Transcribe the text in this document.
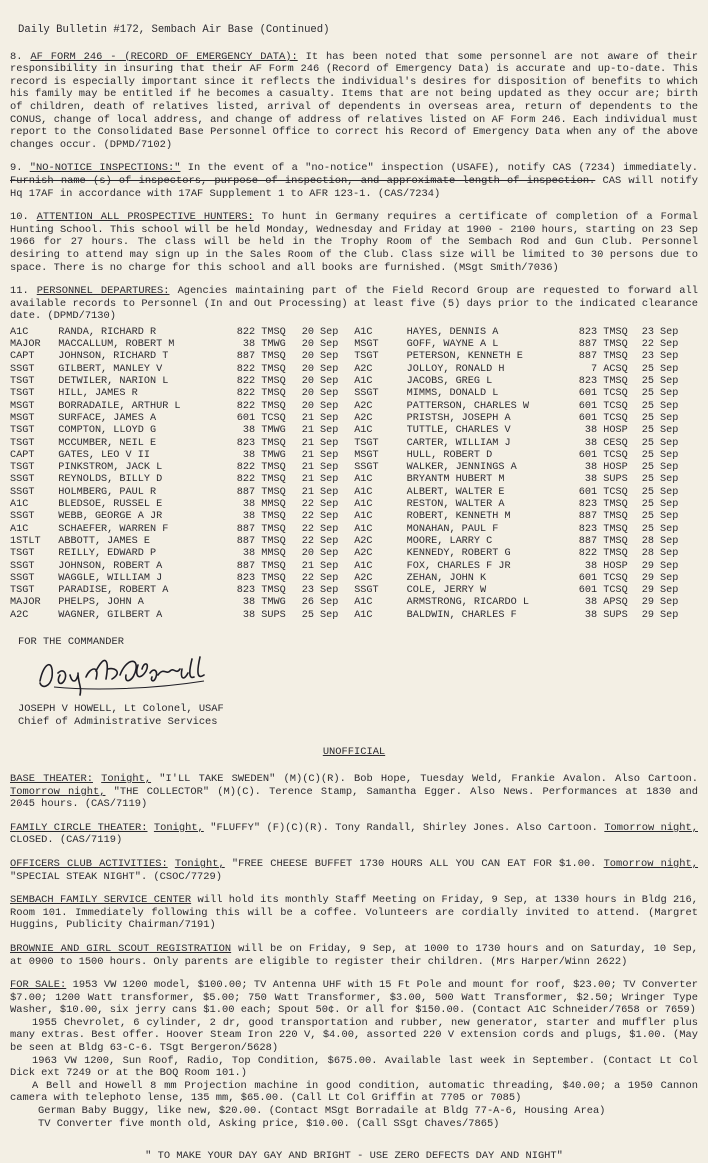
Daily Bulletin #172, Sembach Air Base (Continued)

8. AF FORM 246 - (RECORD OF EMERGENCY DATA): It has been noted that some personnel are not aware of their responsibility in insuring that their AF Form 246 (Record of Emergency Data) is accurate and up-to-date. This record is especially important since it reflects the individual's desires for disposition of benefits to which his family may be entitled if he becomes a casualty. Items that are not being updated as they occur are; birth of children, death of relatives listed, arrival of dependents in overseas area, return of dependents to the CONUS, change of local address, and change of address of relatives listed on AF Form 246. Each individual must report to the Consolidated Base Personnel Office to correct his Record of Emergency Data when any of the above changes occur. (DPMD/7102)

9. "NO-NOTICE INSPECTIONS:" In the event of a "no-notice" inspection (USAFE), notify CAS (7234) immediately. Furnish name (s) of inspectors, purpose of inspection, and approximate length of inspection. CAS will notify Hq 17AF in accordance with 17AF Supplement 1 to AFR 123-1. (CAS/7234)

10. ATTENTION ALL PROSPECTIVE HUNTERS: To hunt in Germany requires a certificate of completion of a Formal Hunting School. This school will be held Monday, Wednesday and Friday at 1900 - 2100 hours, starting on 23 Sep 1966 for 27 hours. The class will be held in the Trophy Room of the Sembach Rod and Gun Club. Personnel desiring to attend may sign up in the Sales Room of the Club. Class size will be limited to 30 persons due to space. There is no charge for this school and all books are furnished. (MSgt Smith/7036)

11. PERSONNEL DEPARTURES: Agencies maintaining part of the Field Record Group are requested to forward all available records to Personnel (In and Out Processing) at least five (5) days prior to the indicated clearance date. (DPMD/7130)

A1C	RANDA, RICHARD R	822 TMSQ	20 Sep	A1C	HAYES, DENNIS A	823 TMSQ	23 Sep
MAJOR	MACCALLUM, ROBERT M	38 TMWG	20 Sep	MSGT	GOFF, WAYNE A L	887 TMSQ	22 Sep
CAPT	JOHNSON, RICHARD T	887 TMSQ	20 Sep	TSGT	PETERSON, KENNETH E	887 TMSQ	23 Sep
SSGT	GILBERT, MANLEY V	822 TMSQ	20 Sep	A2C	JOLLOY, RONALD H	7 ACSQ	25 Sep
TSGT	DETWILER, NARION L	822 TMSQ	20 Sep	A1C	JACOBS, GREG L	823 TMSQ	25 Sep
TSGT	HILL, JAMES R	822 TMSQ	20 Sep	SSGT	MIMMS, DONALD L	601 TCSQ	25 Sep
MSGT	BORRADAILE, ARTHUR L	822 TMSQ	20 Sep	A2C	PATTERSON, CHARLES W	601 TCSQ	25 Sep
MSGT	SURFACE, JAMES A	601 TCSQ	21 Sep	A2C	PRISTSH, JOSEPH A	601 TCSQ	25 Sep
TSGT	COMPTON, LLOYD G	38 TMWG	21 Sep	A1C	TUTTLE, CHARLES V	38 HOSP	25 Sep
TSGT	MCCUMBER, NEIL E	823 TMSQ	21 Sep	TSGT	CARTER, WILLIAM J	38 CESQ	25 Sep
CAPT	GATES, LEO V II	38 TMWG	21 Sep	MSGT	HULL, ROBERT D	601 TCSQ	25 Sep
TSGT	PINKSTROM, JACK L	822 TMSQ	21 Sep	SSGT	WALKER, JENNINGS A	38 HOSP	25 Sep
SSGT	REYNOLDS, BILLY D	822 TMSQ	21 Sep	A1C	BRYANTM HUBERT M	38 SUPS	25 Sep
SSGT	HOLMBERG, PAUL R	887 TMSQ	21 Sep	A1C	ALBERT, WALTER E	601 TCSQ	25 Sep
A1C	BLEDSOE, RUSSEL E	38 MMSQ	22 Sep	A1C	RESTON, WALTER A	823 TMSQ	25 Sep
SSGT	WEBB, GEORGE A JR	38 TMSQ	22 Sep	A1C	ROBERT, KENNETH M	887 TMSQ	25 Sep
A1C	SCHAEFER, WARREN F	887 TMSQ	22 Sep	A1C	MONAHAN, PAUL F	823 TMSQ	25 Sep
1STLT	ABBOTT, JAMES E	887 TMSQ	22 Sep	A2C	MOORE, LARRY C	887 TMSQ	28 Sep
TSGT	REILLY, EDWARD P	38 MMSQ	20 Sep	A2C	KENNEDY, ROBERT G	822 TMSQ	28 Sep
SSGT	JOHNSON, ROBERT A	887 TMSQ	21 Sep	A1C	FOX, CHARLES F JR	38 HOSP	29 Sep
SSGT	WAGGLE, WILLIAM J	823 TMSQ	22 Sep	A2C	ZEHAN, JOHN K	601 TCSQ	29 Sep
TSGT	PARADISE, ROBERT A	823 TMSQ	23 Sep	SSGT	COLE, JERRY W	601 TCSQ	29 Sep
MAJOR	PHELPS, JOHN A	38 TMWG	26 Sep	A1C	ARMSTRONG, RICARDO L	38 APSQ	29 Sep
A2C	WAGNER, GILBERT A	38 SUPS	25 Sep	A1C	BALDWIN, CHARLES F	38 SUPS	29 Sep
FOR THE COMMANDER
JOSEPH V HOWELL, Lt Colonel, USAF
Chief of Administrative Services
UNOFFICIAL

BASE THEATER: Tonight, "I'LL TAKE SWEDEN" (M)(C)(R). Bob Hope, Tuesday Weld, Frankie Avalon. Also Cartoon. Tomorrow night, "THE COLLECTOR" (M)(C). Terence Stamp, Samantha Egger. Also News. Performances at 1830 and 2045 hours. (CAS/7119)

FAMILY CIRCLE THEATER: Tonight, "FLUFFY" (F)(C)(R). Tony Randall, Shirley Jones. Also Cartoon. Tomorrow night, CLOSED. (CAS/7119)

OFFICERS CLUB ACTIVITIES: Tonight, "FREE CHEESE BUFFET 1730 HOURS ALL YOU CAN EAT FOR $1.00. Tomorrow night, "SPECIAL STEAK NIGHT". (CSOC/7729)

SEMBACH FAMILY SERVICE CENTER will hold its monthly Staff Meeting on Friday, 9 Sep, at 1330 hours in Bldg 216, Room 101. Immediately following this will be a coffee. Volunteers are cordially invited to attend. (Margret Huggins, Publicity Chairman/7191)

BROWNIE AND GIRL SCOUT REGISTRATION will be on Friday, 9 Sep, at 1000 to 1730 hours and on Saturday, 10 Sep, at 0900 to 1500 hours. Only parents are eligible to register their children. (Mrs Harper/Winn 2622)

FOR SALE: 1953 VW 1200 model, $100.00; TV Antenna UHF with 15 Ft Pole and mount for roof, $23.00; TV Converter $7.00; 1200 Watt transformer, $5.00; 750 Watt Transformer, $3.00, 500 Watt Transformer, $2.50; Wringer Type Washer, $10.00, six jerry cans $1.00 each; Spout 50¢. Or all for $150.00. (Contact A1C Schneider/7658 or 7659)

1955 Chevrolet, 6 cylinder, 2 dr, good transportation and rubber, new generator, starter and muffler plus many extras. Best offer. Hoover Steam Iron 220 V, $4.00, assorted 220 V extension cords and plugs, $1.00. (May be seen at Bldg 63-C-6. TSgt Bergeron/5628)

1963 VW 1200, Sun Roof, Radio, Top Condition, $675.00. Available last week in September. (Contact Lt Col Dick ext 7249 or at the BOQ Room 101.)

A Bell and Howell 8 mm Projection machine in good condition, automatic threading, $40.00; a 1950 Cannon camera with telephoto lense, 135 mm, $65.00. (Call Lt Col Griffin at 7705 or 7085)

German Baby Buggy, like new, $20.00. (Contact MSgt Borradaile at Bldg 77-A-6, Housing Area)

TV Converter five month old, Asking price, $10.00. (Call SSgt Chaves/7865)

" TO MAKE YOUR DAY GAY AND BRIGHT - USE ZERO DEFECTS DAY AND NIGHT"
